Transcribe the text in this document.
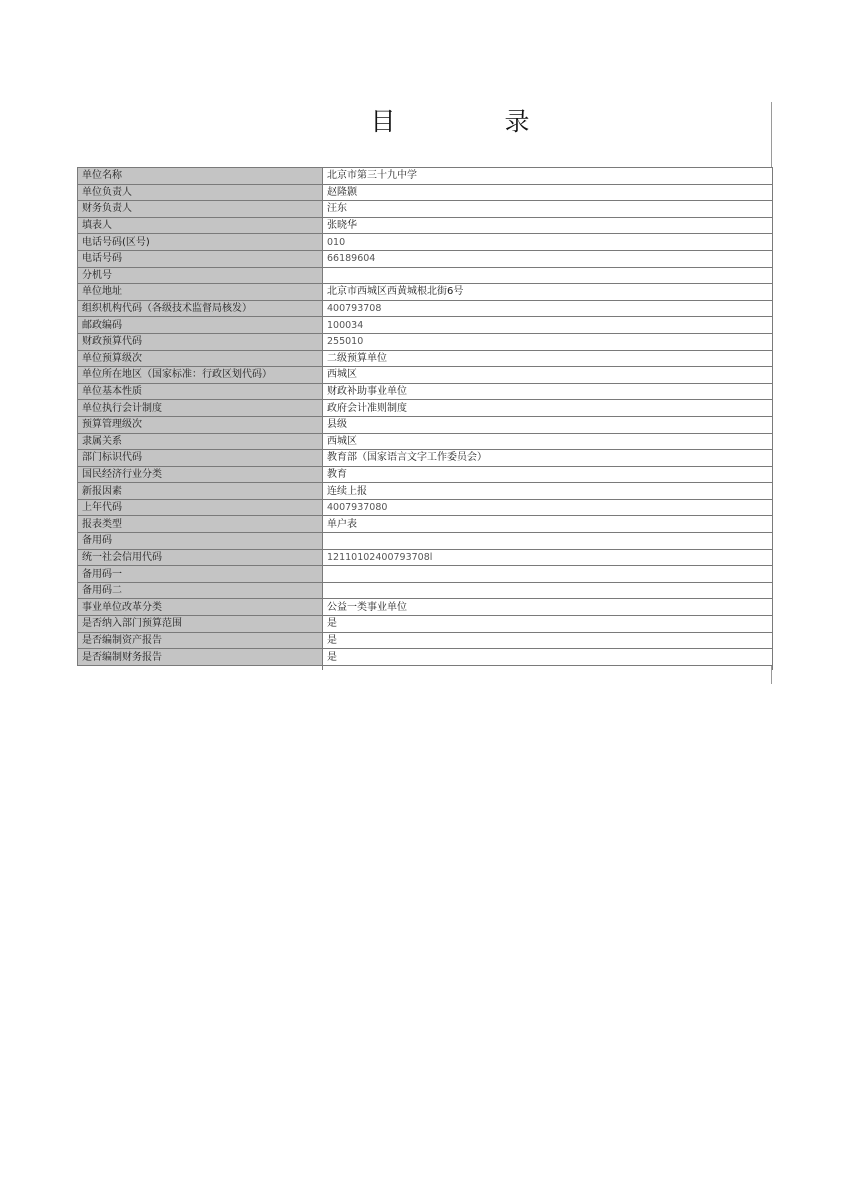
目　录
单位名称	北京市第三十九中学
单位负责人	赵隆颢
财务负责人	汪东
填表人	张晓华
电话号码(区号)	010
电话号码	66189604
分机号	
单位地址	北京市西城区西黄城根北街6号
组织机构代码（各级技术监督局核发）	400793708
邮政编码	100034
财政预算代码	255010
单位预算级次	二级预算单位
单位所在地区（国家标准：行政区划代码）	西城区
单位基本性质	财政补助事业单位
单位执行会计制度	政府会计准则制度
预算管理级次	县级
隶属关系	西城区
部门标识代码	教育部（国家语言文字工作委员会）
国民经济行业分类	教育
新报因素	连续上报
上年代码	4007937080
报表类型	单户表
备用码	
统一社会信用代码	12110102400793708l
备用码一	
备用码二	
事业单位改革分类	公益一类事业单位
是否纳入部门预算范围	是
是否编制资产报告	是
是否编制财务报告	是
